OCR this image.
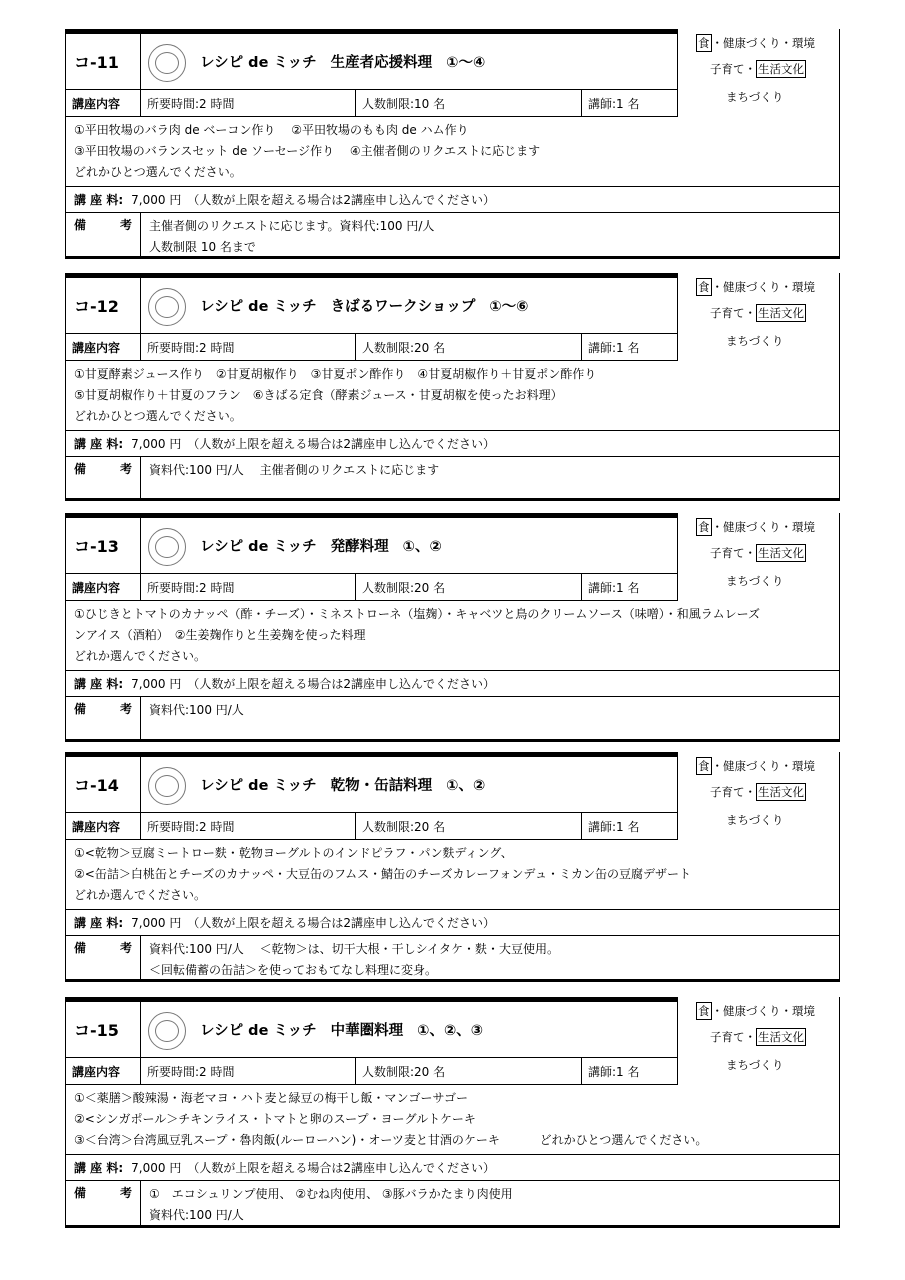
コ-11	レシピ de ミッチ 生産者応援料理 ①〜④
食 ・健康づくり・環境
子育て・ 生活文化
まちづくり
講座内容	所要時間:2 時間	人数制限:10 名	講師:1 名
①平田牧場のバラ肉 de ベーコン作り　 ②平田牧場のもも肉 de ハム作り
③平田牧場のバランスセット de ソーセージ作り　 ④主催者側のリクエストに応じます
どれかひとつ選んでください。
講 座 料: 7,000 円 （人数が上限を超える場合は2講座申し込んでください）
備	考 主催者側のリクエストに応じます。資料代:100 円/人
人数制限 10 名まで
コ-12	レシピ de ミッチ きばるワークショップ ①〜⑥
食 ・健康づくり・環境
子育て・ 生活文化
まちづくり
講座内容	所要時間:2 時間	人数制限:20 名	講師:1 名
①甘夏酵素ジュース作り　②甘夏胡椒作り　③甘夏ポン酢作り　④甘夏胡椒作り＋甘夏ポン酢作り
⑤甘夏胡椒作り＋甘夏のフラン　⑥きばる定食（酵素ジュース・甘夏胡椒を使ったお料理）
どれかひとつ選んでください。
講 座 料: 7,000 円 （人数が上限を超える場合は2講座申し込んでください）
備	考 資料代:100 円/人　 主催者側のリクエストに応じます
コ-13	レシピ de ミッチ 発酵料理 ①、②
食 ・健康づくり・環境
子育て・ 生活文化
まちづくり
講座内容	所要時間:2 時間	人数制限:20 名	講師:1 名
①ひじきとトマトのカナッペ（酢・チーズ）・ミネストローネ（塩麹）・キャベツと鳥のクリームソース（味噌）・和風ラムレーズ
ンアイス（酒粕）　②生姜麹作りと生姜麹を使った料理
どれか選んでください。
講 座 料: 7,000 円 （人数が上限を超える場合は2講座申し込んでください）
備	考 資料代:100 円/人
コ-14	レシピ de ミッチ 乾物・缶詰料理 ①、②
食 ・健康づくり・環境
子育て・ 生活文化
まちづくり
講座内容	所要時間:2 時間	人数制限:20 名	講師:1 名
①<乾物＞豆腐ミートロー麩・乾物ヨーグルトのインドピラフ・パン麩ディング、
②<缶詰＞白桃缶とチーズのカナッペ・大豆缶のフムス・鯖缶のチーズカレーフォンデュ・ミカン缶の豆腐デザート
どれか選んでください。
講 座 料: 7,000 円 （人数が上限を超える場合は2講座申し込んでください）
備	考 資料代:100 円/人　 ＜乾物＞は、切干大根・干しシイタケ・麩・大豆使用。
＜回転備蓄の缶詰＞を使っておもてなし料理に変身。
コ-15	レシピ de ミッチ 中華圏料理 ①、②、③
食 ・健康づくり・環境
子育て・ 生活文化
まちづくり
講座内容	所要時間:2 時間	人数制限:20 名	講師:1 名
①＜薬膳＞酸辣湯・海老マヨ・ハト麦と緑豆の梅干し飯・マンゴーサゴー
②<シンガポール＞チキンライス・トマトと卵のスープ・ヨーグルトケーキ
③＜台湾＞台湾風豆乳スープ・魯肉飯(ルーローハン)・オーツ麦と甘酒のケーキ　　　 どれかひとつ選んでください。
講 座 料: 7,000 円 （人数が上限を超える場合は2講座申し込んでください）
備	考 ①　エコシュリンプ使用、 ②むね肉使用、 ③豚バラかたまり肉使用
資料代:100 円/人
